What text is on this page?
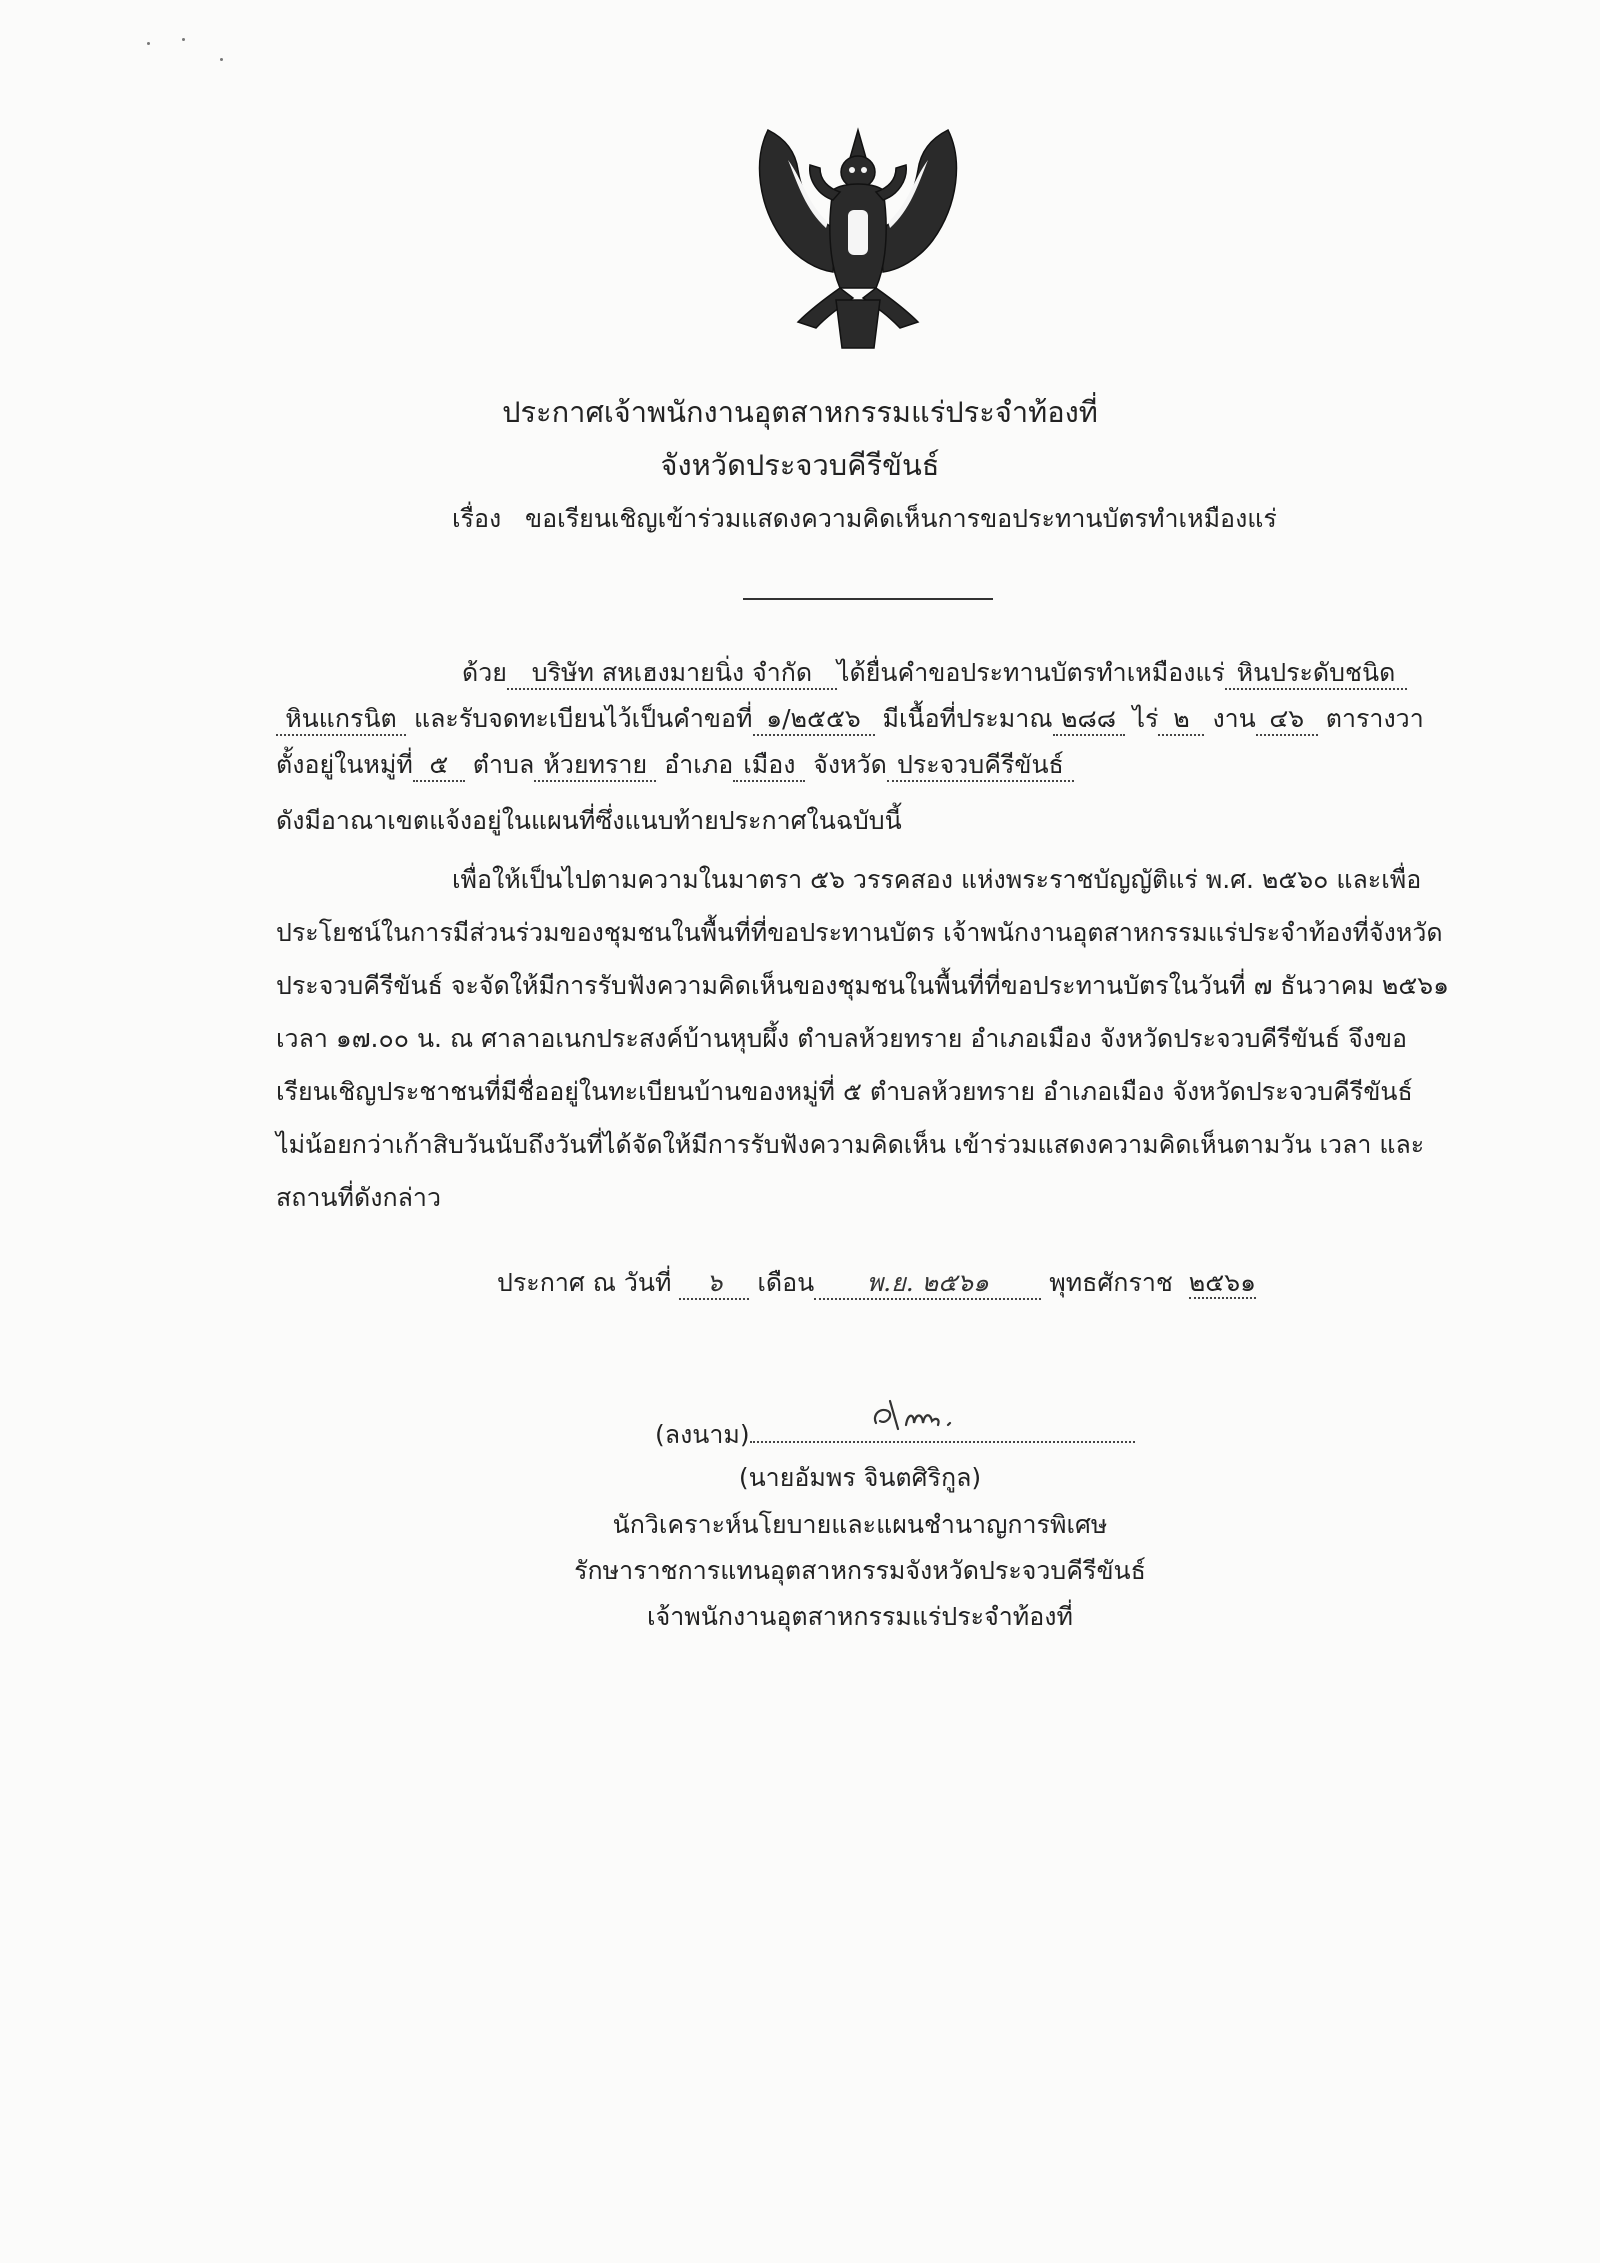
ประกาศเจ้าพนักงานอุตสาหกรรมแร่ประจำท้องที่
จังหวัดประจวบคีรีขันธ์
เรื่อง ขอเรียนเชิญเข้าร่วมแสดงความคิดเห็นการขอประทานบัตรทำเหมืองแร่
ด้วย บริษัท สหเฮงมายนิ่ง จำกัด ได้ยื่นคำขอประทานบัตรทำเหมืองแร่ หินประดับชนิด
หินแกรนิต และรับจดทะเบียนไว้เป็นคำขอที่ ๑/๒๕๕๖ มีเนื้อที่ประมาณ ๒๘๘ ไร่ ๒ งาน ๔๖ ตารางวา
ตั้งอยู่ในหมู่ที่ ๕ ตำบล ห้วยทราย อำเภอ เมือง จังหวัด ประจวบคีรีขันธ์
ดังมีอาณาเขตแจ้งอยู่ในแผนที่ซึ่งแนบท้ายประกาศในฉบับนี้
เพื่อให้เป็นไปตามความในมาตรา ๕๖ วรรคสอง แห่งพระราชบัญญัติแร่ พ.ศ. ๒๕๖๐ และเพื่อ
ประโยชน์ในการมีส่วนร่วมของชุมชนในพื้นที่ที่ขอประทานบัตร เจ้าพนักงานอุตสาหกรรมแร่ประจำท้องที่จังหวัด
ประจวบคีรีขันธ์ จะจัดให้มีการรับฟังความคิดเห็นของชุมชนในพื้นที่ที่ขอประทานบัตรในวันที่ ๗ ธันวาคม ๒๕๖๑
เวลา ๑๗.๐๐ น. ณ ศาลาอเนกประสงค์บ้านหุบผึ้ง ตำบลห้วยทราย อำเภอเมือง จังหวัดประจวบคีรีขันธ์ จึงขอ
เรียนเชิญประชาชนที่มีชื่ออยู่ในทะเบียนบ้านของหมู่ที่ ๕ ตำบลห้วยทราย อำเภอเมือง จังหวัดประจวบคีรีขันธ์
ไม่น้อยกว่าเก้าสิบวันนับถึงวันที่ได้จัดให้มีการรับฟังความคิดเห็น เข้าร่วมแสดงความคิดเห็นตามวัน เวลา และ
สถานที่ดังกล่าว
ประกาศ ณ วันที่ ๖ เดือน พ.ย. ๒๕๖๑ พุทธศักราช ๒๕๖๑
(ลงนาม)
(นายอัมพร จินตศิริกูล)
นักวิเคราะห์นโยบายและแผนชำนาญการพิเศษ
รักษาราชการแทนอุตสาหกรรมจังหวัดประจวบคีรีขันธ์
เจ้าพนักงานอุตสาหกรรมแร่ประจำท้องที่
